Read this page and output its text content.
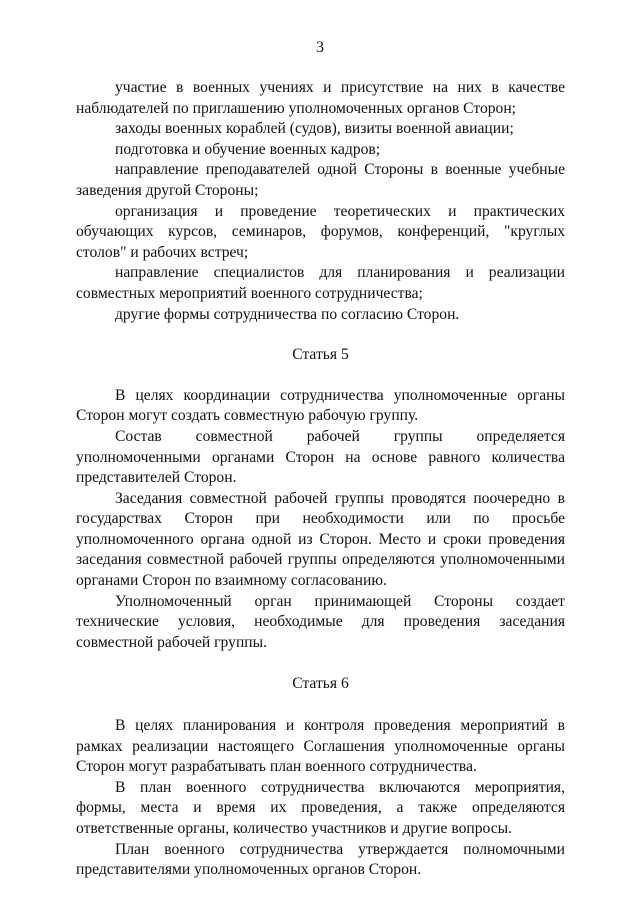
3

участие в военных учениях и присутствие на них в качестве наблюдателей по приглашению уполномоченных органов Сторон;

заходы военных кораблей (судов), визиты военной авиации;

подготовка и обучение военных кадров;

направление преподавателей одной Стороны в военные учебные заведения другой Стороны;

организация и проведение теоретических и практических обучающих курсов, семинаров, форумов, конференций, "круглых столов" и рабочих встреч;

направление специалистов для планирования и реализации совместных мероприятий военного сотрудничества;

другие формы сотрудничества по согласию Сторон.

Статья 5

В целях координации сотрудничества уполномоченные органы Сторон могут создать совместную рабочую группу.

Состав совместной рабочей группы определяется уполномоченными органами Сторон на основе равного количества представителей Сторон.

Заседания совместной рабочей группы проводятся поочередно в государствах Сторон при необходимости или по просьбе уполномоченного органа одной из Сторон. Место и сроки проведения заседания совместной рабочей группы определяются уполномоченными органами Сторон по взаимному согласованию.

Уполномоченный орган принимающей Стороны создает технические условия, необходимые для проведения заседания совместной рабочей группы.

Статья 6

В целях планирования и контроля проведения мероприятий в рамках реализации настоящего Соглашения уполномоченные органы Сторон могут разрабатывать план военного сотрудничества.

В план военного сотрудничества включаются мероприятия, формы, места и время их проведения, а также определяются ответственные органы, количество участников и другие вопросы.

План военного сотрудничества утверждается полномочными представителями уполномоченных органов Сторон.
